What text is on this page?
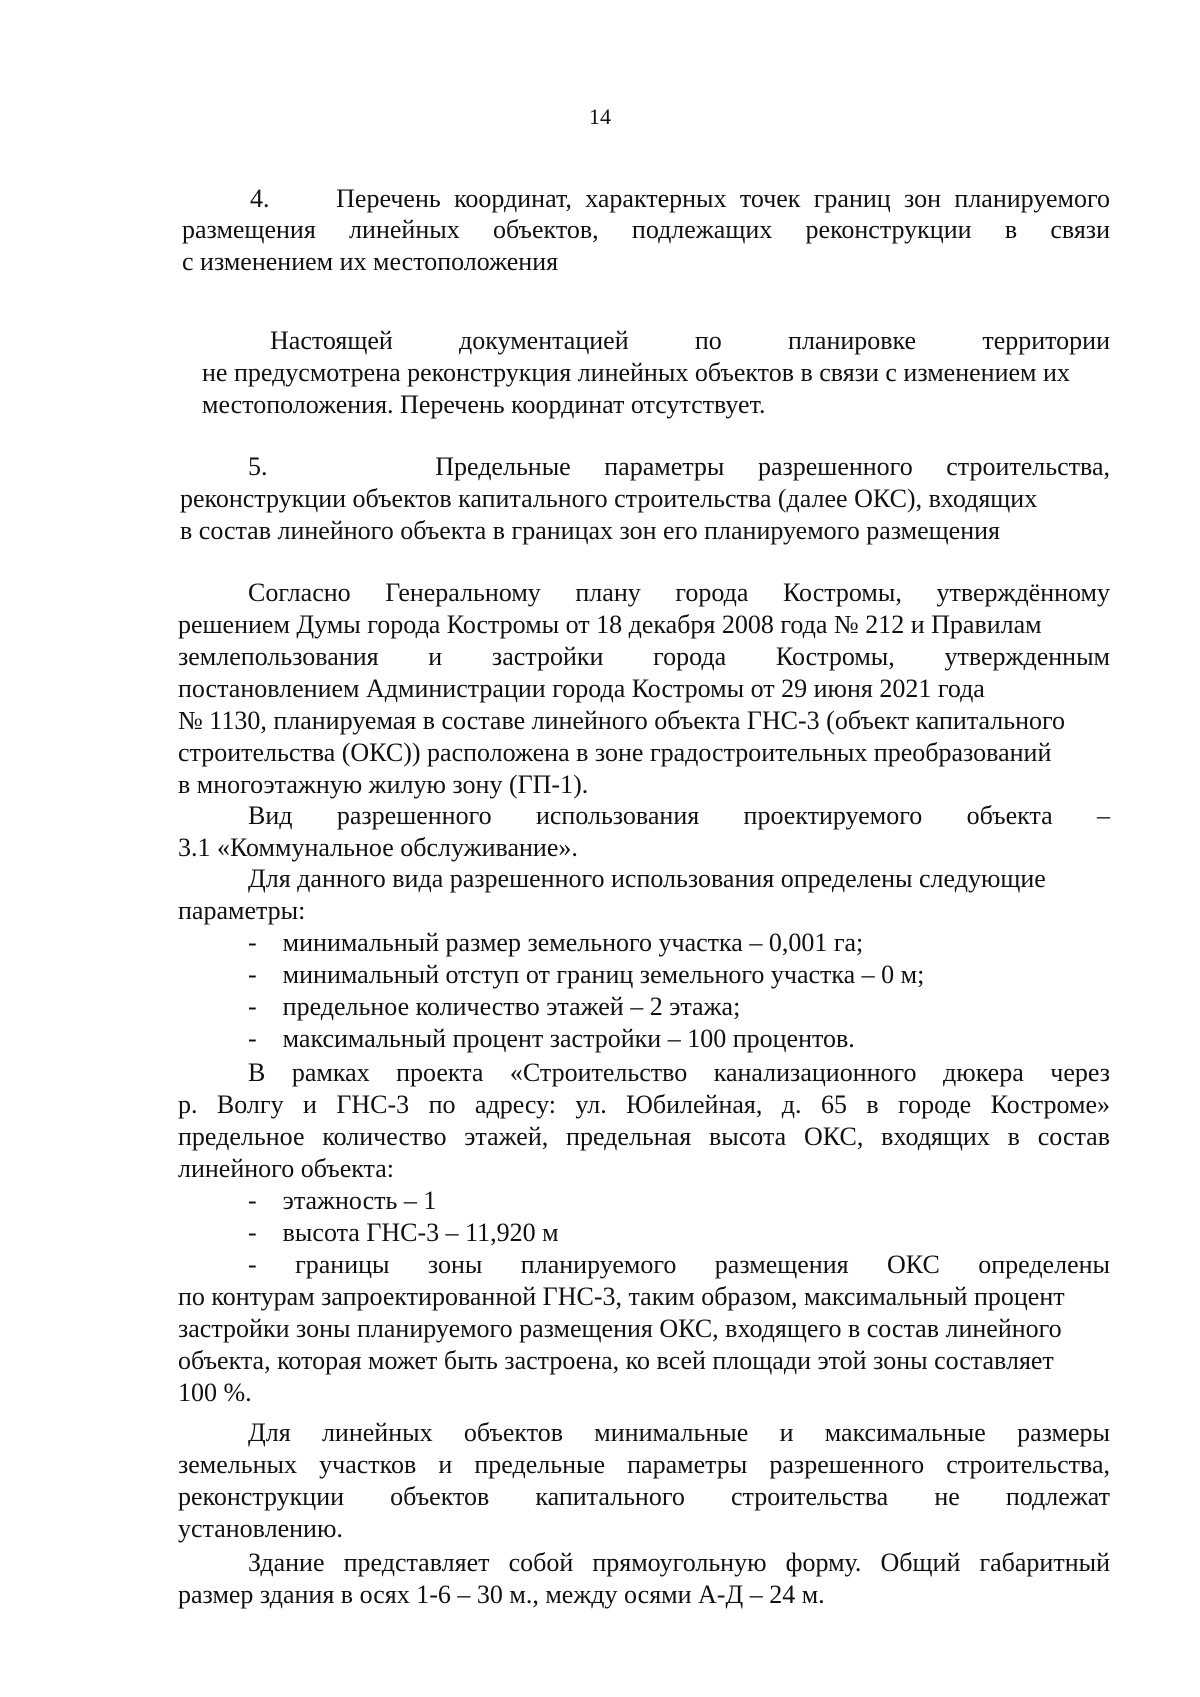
14

4.     Перечень координат, характерных точек границ зон планируемого

размещения линейных объектов, подлежащих реконструкции в связи

с изменением их местоположения

Настоящей документацией по планировке территории

не предусмотрена реконструкция линейных объектов в связи с изменением их

местоположения. Перечень координат отсутствует.

5.     Предельные параметры разрешенного строительства,

реконструкции объектов капитального строительства (далее ОКС), входящих

в состав линейного объекта в границах зон его планируемого размещения

Согласно Генеральному плану города Костромы, утверждённому

решением Думы города Костромы от 18 декабря 2008 года № 212 и Правилам

землепользования и застройки города Костромы, утвержденным

постановлением Администрации города Костромы от 29 июня 2021 года

№ 1130, планируемая в составе линейного объекта ГНС-3 (объект капитального

строительства (ОКС)) расположена в зоне градостроительных преобразований

в многоэтажную жилую зону (ГП-1).

Вид разрешенного использования проектируемого объекта –

3.1 «Коммунальное обслуживание».

Для данного вида разрешенного использования определены следующие

параметры:

-    минимальный размер земельного участка – 0,001 га;

-    минимальный отступ от границ земельного участка – 0 м;

-    предельное количество этажей – 2 этажа;

-    максимальный процент застройки – 100 процентов.

В рамках проекта «Строительство канализационного дюкера через

р. Волгу и ГНС-3 по адресу: ул. Юбилейная, д. 65 в городе Костроме»

предельное количество этажей, предельная высота ОКС, входящих в состав

линейного объекта:

-    этажность – 1

-    высота ГНС-3 – 11,920 м

- границы зоны планируемого размещения ОКС определены

по контурам запроектированной ГНС-3, таким образом, максимальный процент

застройки зоны планируемого размещения ОКС, входящего в состав линейного

объекта, которая может быть застроена, ко всей площади этой зоны составляет

100 %.

Для линейных объектов минимальные и максимальные размеры

земельных участков и предельные параметры разрешенного строительства,

реконструкции объектов капитального строительства не подлежат

установлению.

Здание представляет собой прямоугольную форму. Общий габаритный

размер здания в осях 1-6 – 30 м., между осями А-Д – 24 м.
